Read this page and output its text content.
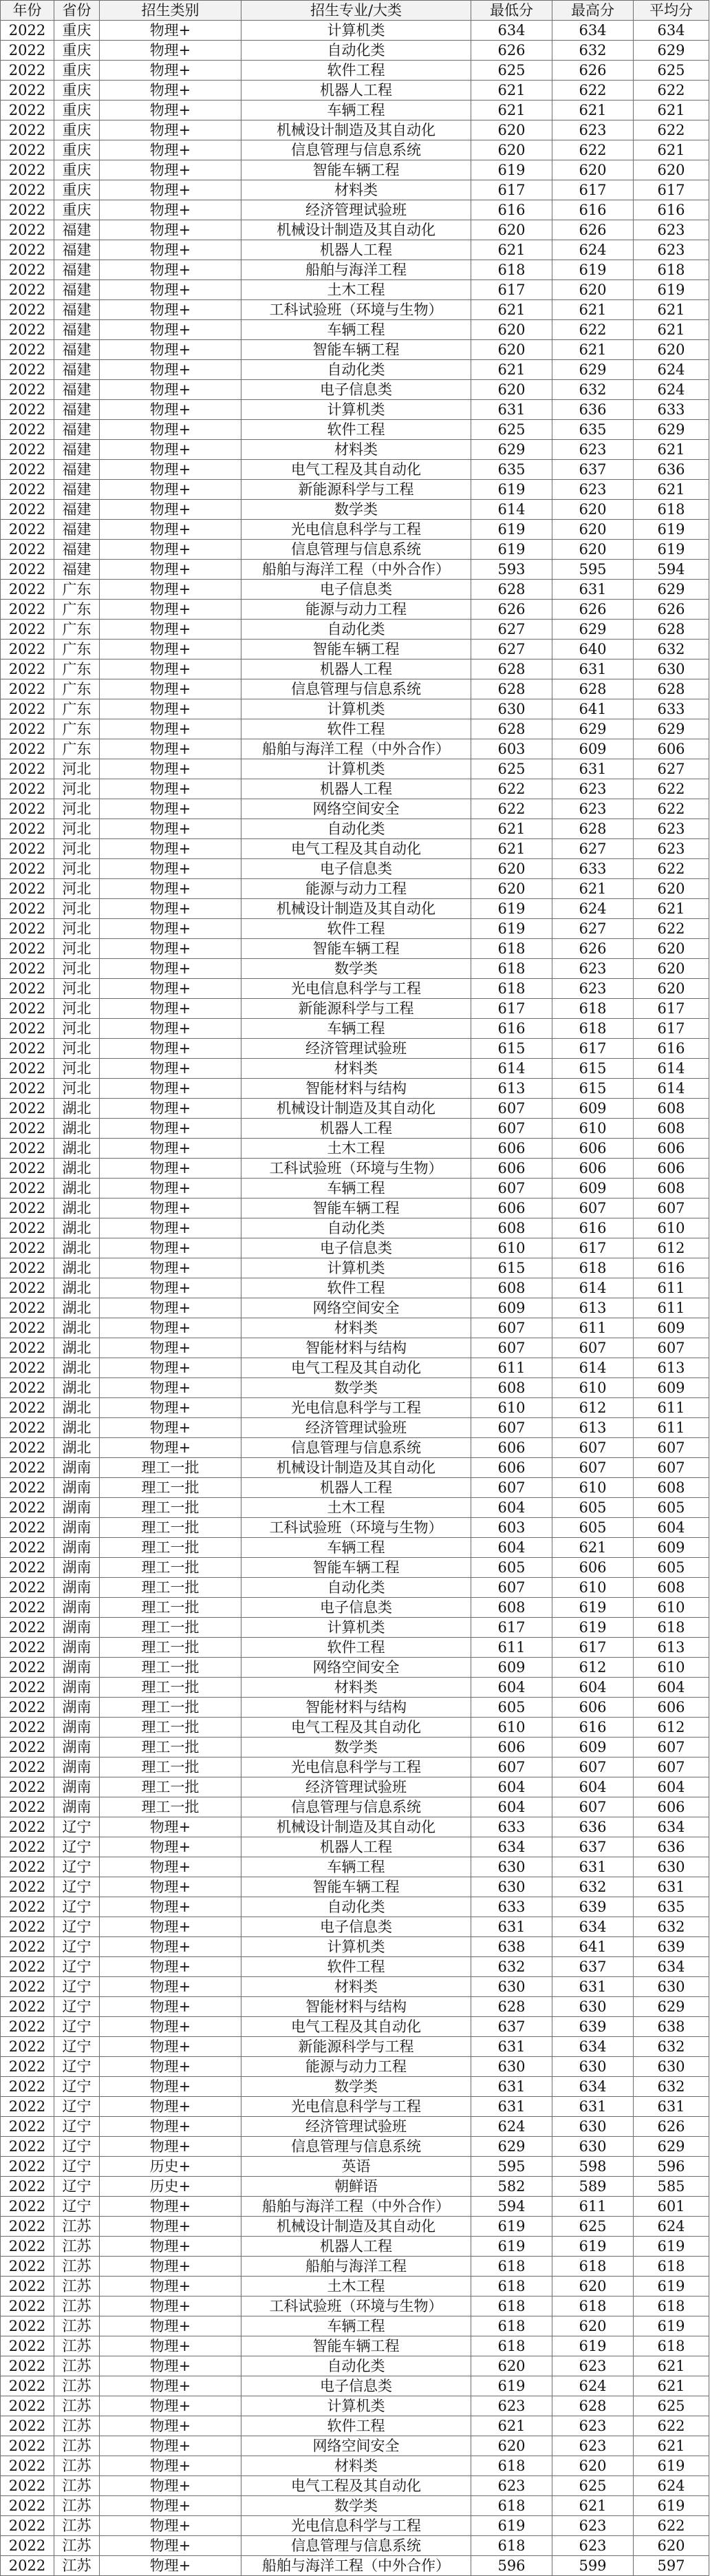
年份	省份	招生类别	招生专业/大类	最低分	最高分	平均分
2022	重庆	物理+	计算机类	634	634	634
2022	重庆	物理+	自动化类	626	632	629
2022	重庆	物理+	软件工程	625	626	625
2022	重庆	物理+	机器人工程	621	622	622
2022	重庆	物理+	车辆工程	621	621	621
2022	重庆	物理+	机械设计制造及其自动化	620	623	622
2022	重庆	物理+	信息管理与信息系统	620	622	621
2022	重庆	物理+	智能车辆工程	619	620	620
2022	重庆	物理+	材料类	617	617	617
2022	重庆	物理+	经济管理试验班	616	616	616
2022	福建	物理+	机械设计制造及其自动化	620	626	623
2022	福建	物理+	机器人工程	621	624	623
2022	福建	物理+	船舶与海洋工程	618	619	618
2022	福建	物理+	土木工程	617	620	619
2022	福建	物理+	工科试验班（环境与生物）	621	621	621
2022	福建	物理+	车辆工程	620	622	621
2022	福建	物理+	智能车辆工程	620	621	620
2022	福建	物理+	自动化类	621	629	624
2022	福建	物理+	电子信息类	620	632	624
2022	福建	物理+	计算机类	631	636	633
2022	福建	物理+	软件工程	625	635	629
2022	福建	物理+	材料类	629	623	621
2022	福建	物理+	电气工程及其自动化	635	637	636
2022	福建	物理+	新能源科学与工程	619	623	621
2022	福建	物理+	数学类	614	620	618
2022	福建	物理+	光电信息科学与工程	619	620	619
2022	福建	物理+	信息管理与信息系统	619	620	619
2022	福建	物理+	船舶与海洋工程（中外合作）	593	595	594
2022	广东	物理+	电子信息类	628	631	629
2022	广东	物理+	能源与动力工程	626	626	626
2022	广东	物理+	自动化类	627	629	628
2022	广东	物理+	智能车辆工程	627	640	632
2022	广东	物理+	机器人工程	628	631	630
2022	广东	物理+	信息管理与信息系统	628	628	628
2022	广东	物理+	计算机类	630	641	633
2022	广东	物理+	软件工程	628	629	629
2022	广东	物理+	船舶与海洋工程（中外合作）	603	609	606
2022	河北	物理+	计算机类	625	631	627
2022	河北	物理+	机器人工程	622	623	622
2022	河北	物理+	网络空间安全	622	623	622
2022	河北	物理+	自动化类	621	628	623
2022	河北	物理+	电气工程及其自动化	621	627	623
2022	河北	物理+	电子信息类	620	633	622
2022	河北	物理+	能源与动力工程	620	621	620
2022	河北	物理+	机械设计制造及其自动化	619	624	621
2022	河北	物理+	软件工程	619	627	622
2022	河北	物理+	智能车辆工程	618	626	620
2022	河北	物理+	数学类	618	623	620
2022	河北	物理+	光电信息科学与工程	618	623	620
2022	河北	物理+	新能源科学与工程	617	618	617
2022	河北	物理+	车辆工程	616	618	617
2022	河北	物理+	经济管理试验班	615	617	616
2022	河北	物理+	材料类	614	615	614
2022	河北	物理+	智能材料与结构	613	615	614
2022	湖北	物理+	机械设计制造及其自动化	607	609	608
2022	湖北	物理+	机器人工程	607	610	608
2022	湖北	物理+	土木工程	606	606	606
2022	湖北	物理+	工科试验班（环境与生物）	606	606	606
2022	湖北	物理+	车辆工程	607	609	608
2022	湖北	物理+	智能车辆工程	606	607	607
2022	湖北	物理+	自动化类	608	616	610
2022	湖北	物理+	电子信息类	610	617	612
2022	湖北	物理+	计算机类	615	618	616
2022	湖北	物理+	软件工程	608	614	611
2022	湖北	物理+	网络空间安全	609	613	611
2022	湖北	物理+	材料类	607	611	609
2022	湖北	物理+	智能材料与结构	607	607	607
2022	湖北	物理+	电气工程及其自动化	611	614	613
2022	湖北	物理+	数学类	608	610	609
2022	湖北	物理+	光电信息科学与工程	610	612	611
2022	湖北	物理+	经济管理试验班	607	613	611
2022	湖北	物理+	信息管理与信息系统	606	607	607
2022	湖南	理工一批	机械设计制造及其自动化	606	607	607
2022	湖南	理工一批	机器人工程	607	610	608
2022	湖南	理工一批	土木工程	604	605	605
2022	湖南	理工一批	工科试验班（环境与生物）	603	605	604
2022	湖南	理工一批	车辆工程	604	621	609
2022	湖南	理工一批	智能车辆工程	605	606	605
2022	湖南	理工一批	自动化类	607	610	608
2022	湖南	理工一批	电子信息类	608	619	610
2022	湖南	理工一批	计算机类	617	619	618
2022	湖南	理工一批	软件工程	611	617	613
2022	湖南	理工一批	网络空间安全	609	612	610
2022	湖南	理工一批	材料类	604	604	604
2022	湖南	理工一批	智能材料与结构	605	606	606
2022	湖南	理工一批	电气工程及其自动化	610	616	612
2022	湖南	理工一批	数学类	606	609	607
2022	湖南	理工一批	光电信息科学与工程	607	607	607
2022	湖南	理工一批	经济管理试验班	604	604	604
2022	湖南	理工一批	信息管理与信息系统	604	607	606
2022	辽宁	物理+	机械设计制造及其自动化	633	636	634
2022	辽宁	物理+	机器人工程	634	637	636
2022	辽宁	物理+	车辆工程	630	631	630
2022	辽宁	物理+	智能车辆工程	630	632	631
2022	辽宁	物理+	自动化类	633	639	635
2022	辽宁	物理+	电子信息类	631	634	632
2022	辽宁	物理+	计算机类	638	641	639
2022	辽宁	物理+	软件工程	632	637	634
2022	辽宁	物理+	材料类	630	631	630
2022	辽宁	物理+	智能材料与结构	628	630	629
2022	辽宁	物理+	电气工程及其自动化	637	639	638
2022	辽宁	物理+	新能源科学与工程	631	634	632
2022	辽宁	物理+	能源与动力工程	630	630	630
2022	辽宁	物理+	数学类	631	634	632
2022	辽宁	物理+	光电信息科学与工程	631	631	631
2022	辽宁	物理+	经济管理试验班	624	630	626
2022	辽宁	物理+	信息管理与信息系统	629	630	629
2022	辽宁	历史+	英语	595	598	596
2022	辽宁	历史+	朝鲜语	582	589	585
2022	辽宁	物理+	船舶与海洋工程（中外合作）	594	611	601
2022	江苏	物理+	机械设计制造及其自动化	619	625	624
2022	江苏	物理+	机器人工程	619	619	619
2022	江苏	物理+	船舶与海洋工程	618	618	618
2022	江苏	物理+	土木工程	618	620	619
2022	江苏	物理+	工科试验班（环境与生物）	618	618	618
2022	江苏	物理+	车辆工程	618	620	619
2022	江苏	物理+	智能车辆工程	618	619	618
2022	江苏	物理+	自动化类	620	623	621
2022	江苏	物理+	电子信息类	619	624	621
2022	江苏	物理+	计算机类	623	628	625
2022	江苏	物理+	软件工程	621	623	622
2022	江苏	物理+	网络空间安全	620	623	621
2022	江苏	物理+	材料类	618	620	619
2022	江苏	物理+	电气工程及其自动化	623	625	624
2022	江苏	物理+	数学类	618	621	619
2022	江苏	物理+	光电信息科学与工程	619	623	622
2022	江苏	物理+	信息管理与信息系统	618	623	620
2022	江苏	物理+	船舶与海洋工程（中外合作）	596	599	597
